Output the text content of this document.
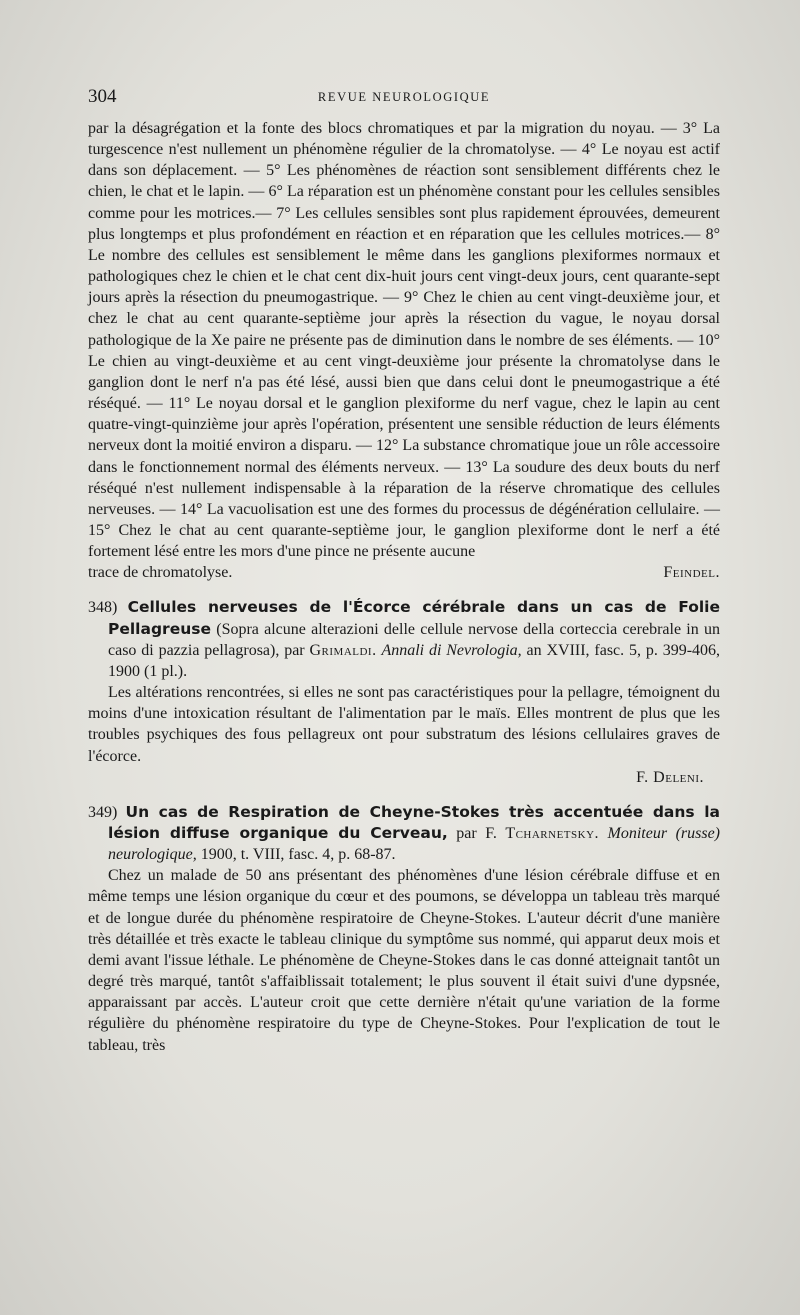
304	REVUE NEUROLOGIQUE

par la désagrégation et la fonte des blocs chromatiques et par la migration du noyau. — 3° La turgescence n'est nullement un phénomène régulier de la chromatolyse. — 4° Le noyau est actif dans son déplacement. — 5° Les phénomènes de réaction sont sensiblement différents chez le chien, le chat et le lapin. — 6° La réparation est un phénomène constant pour les cellules sensibles comme pour les motrices.— 7° Les cellules sensibles sont plus rapidement éprouvées, demeurent plus longtemps et plus profondément en réaction et en réparation que les cellules motrices.— 8° Le nombre des cellules est sensiblement le même dans les ganglions plexiformes normaux et pathologiques chez le chien et le chat cent dix-huit jours cent vingt-deux jours, cent quarante-sept jours après la résection du pneumogastrique. — 9° Chez le chien au cent vingt-deuxième jour, et chez le chat au cent quarante-septième jour après la résection du vague, le noyau dorsal pathologique de la Xe paire ne présente pas de diminution dans le nombre de ses éléments. — 10° Le chien au vingt-deuxième et au cent vingt-deuxième jour présente la chromatolyse dans le ganglion dont le nerf n'a pas été lésé, aussi bien que dans celui dont le pneumogastrique a été réséqué. — 11° Le noyau dorsal et le ganglion plexiforme du nerf vague, chez le lapin au cent quatre-vingt-quinzième jour après l'opération, présentent une sensible réduction de leurs éléments nerveux dont la moitié environ a disparu. — 12° La substance chromatique joue un rôle accessoire dans le fonctionnement normal des éléments nerveux. — 13° La soudure des deux bouts du nerf réséqué n'est nullement indispensable à la réparation de la réserve chromatique des cellules nerveuses. — 14° La vacuolisation est une des formes du processus de dégénération cellulaire. — 15° Chez le chat au cent quarante-septième jour, le ganglion plexiforme dont le nerf a été fortement lésé entre les mors d'une pince ne présente aucune

trace de chromatolyse.	Feindel.

348) Cellules nerveuses de l'Écorce cérébrale dans un cas de Folie Pellagreuse (Sopra alcune alterazioni delle cellule nervose della corteccia cerebrale in un caso di pazzia pellagrosa), par Grimaldi. Annali di Nevrologia, an XVIII, fasc. 5, p. 399-406, 1900 (1 pl.).

Les altérations rencontrées, si elles ne sont pas caractéristiques pour la pellagre, témoignent du moins d'une intoxication résultant de l'alimentation par le maïs. Elles montrent de plus que les troubles psychiques des fous pellagreux ont pour substratum des lésions cellulaires graves de l'écorce.

F. Deleni.

349) Un cas de Respiration de Cheyne-Stokes très accentuée dans la lésion diffuse organique du Cerveau, par F. Tcharnetsky. Moniteur (russe) neurologique, 1900, t. VIII, fasc. 4, p. 68-87.

Chez un malade de 50 ans présentant des phénomènes d'une lésion cérébrale diffuse et en même temps une lésion organique du cœur et des poumons, se développa un tableau très marqué et de longue durée du phénomène respiratoire de Cheyne-Stokes. L'auteur décrit d'une manière très détaillée et très exacte le tableau clinique du symptôme sus nommé, qui apparut deux mois et demi avant l'issue léthale. Le phénomène de Cheyne-Stokes dans le cas donné atteignait tantôt un degré très marqué, tantôt s'affaiblissait totalement; le plus souvent il était suivi d'une dypsnée, apparaissant par accès. L'auteur croit que cette dernière n'était qu'une variation de la forme régulière du phénomène respiratoire du type de Cheyne-Stokes. Pour l'explication de tout le tableau, très
